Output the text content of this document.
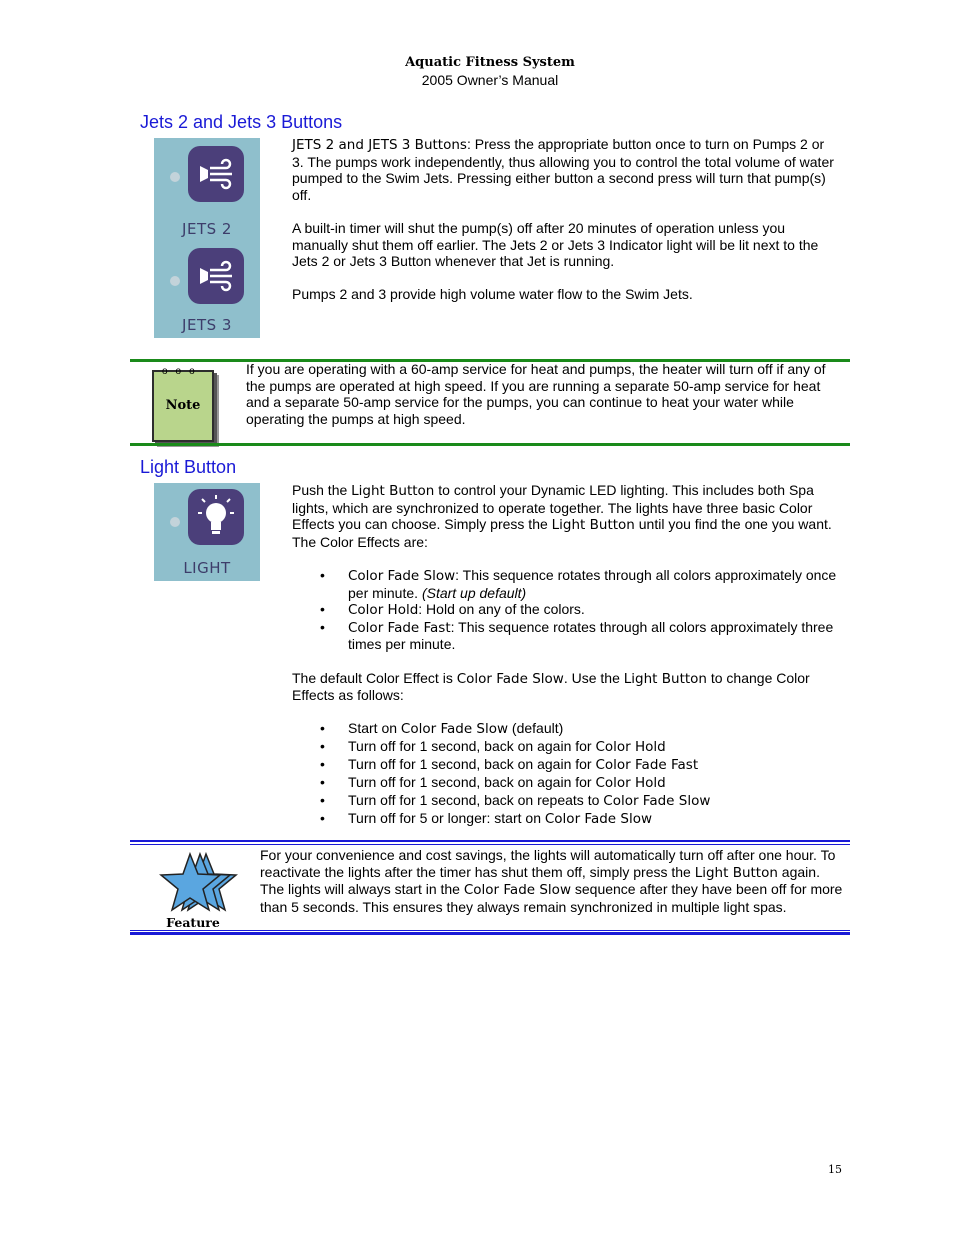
Aquatic Fitness System
2005 Owner’s Manual
Jets 2 and Jets 3 Buttons
JETS 2
JETS 3

JETS 2 and JETS 3 Buttons: Press the appropriate button once to turn on Pumps 2 or 3. The pumps work independently, thus allowing you to control the total volume of water pumped to the Swim Jets. Pressing either button a second press will turn that pump(s) off.

A built-in timer will shut the pump(s) off after 20 minutes of operation unless you manually shut them off earlier. The Jets 2 or Jets 3 Indicator light will be lit next to the Jets 2 or Jets 3 Button whenever that Jet is running.

Pumps 2 and 3 provide high volume water flow to the Swim Jets.

ooo
Note
If you are operating with a 60-amp service for heat and pumps, the heater will turn off if any of the pumps are operated at high speed. If you are running a separate 50-amp service for heat and a separate 50-amp service for the pumps, you can continue to heat your water while operating the pumps at high speed.
Light Button
LIGHT

Push the Light Button to control your Dynamic LED lighting. This includes both Spa lights, which are synchronized to operate together. The lights have three basic Color Effects you can choose. Simply press the Light Button until you find the one you want. The Color Effects are:

• Color Fade Slow: This sequence rotates through all colors approximately once per minute. (Start up default)
• Color Hold: Hold on any of the colors.
• Color Fade Fast: This sequence rotates through all colors approximately three times per minute.

The default Color Effect is Color Fade Slow. Use the Light Button to change Color Effects as follows:

• Start on Color Fade Slow (default)
• Turn off for 1 second, back on again for Color Hold
• Turn off for 1 second, back on again for Color Fade Fast
• Turn off for 1 second, back on again for Color Hold
• Turn off for 1 second, back on repeats to Color Fade Slow
• Turn off for 5 or longer: start on Color Fade Slow
Feature
For your convenience and cost savings, the lights will automatically turn off after one hour. To reactivate the lights after the timer has shut them off, simply press the Light Button again. The lights will always start in the Color Fade Slow sequence after they have been off for more than 5 seconds. This ensures they always remain synchronized in multiple light spas.
15
